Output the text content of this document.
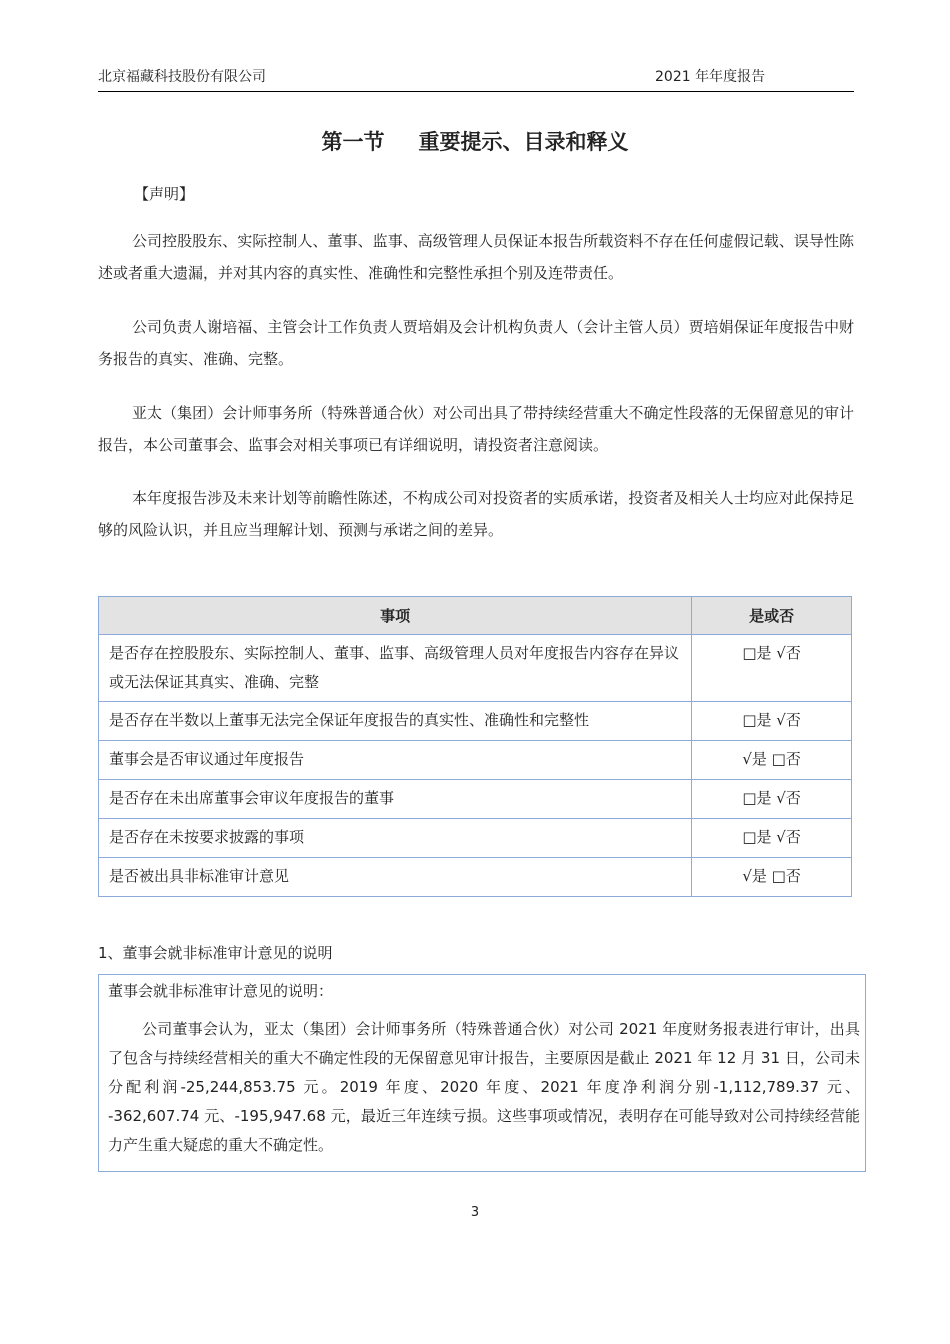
北京福藏科技股份有限公司	2021 年年度报告
第一节 重要提示、目录和释义
【声明】
公司控股股东、实际控制人、董事、监事、高级管理人员保证本报告所载资料不存在任何虚假记载、误导性陈述或者重大遗漏，并对其内容的真实性、准确性和完整性承担个别及连带责任。
公司负责人谢培福、主管会计工作负责人贾培娟及会计机构负责人（会计主管人员）贾培娟保证年度报告中财务报告的真实、准确、完整。
亚太（集团）会计师事务所（特殊普通合伙）对公司出具了带持续经营重大不确定性段落的无保留意见的审计报告，本公司董事会、监事会对相关事项已有详细说明，请投资者注意阅读。
本年度报告涉及未来计划等前瞻性陈述，不构成公司对投资者的实质承诺，投资者及相关人士均应对此保持足够的风险认识，并且应当理解计划、预测与承诺之间的差异。
事项	是或否
是否存在控股股东、实际控制人、董事、监事、高级管理人员对年度报告内容存在异议或无法保证其真实、准确、完整	□是 √否
是否存在半数以上董事无法完全保证年度报告的真实性、准确性和完整性	□是 √否
董事会是否审议通过年度报告	√是 □否
是否存在未出席董事会审议年度报告的董事	□是 √否
是否存在未按要求披露的事项	□是 √否
是否被出具非标准审计意见	√是 □否
1、董事会就非标准审计意见的说明
董事会就非标准审计意见的说明：
公司董事会认为，亚太（集团）会计师事务所（特殊普通合伙）对公司 2021 年度财务报表进行审计，出具了包含与持续经营相关的重大不确定性段的无保留意见审计报告，主要原因是截止 2021 年 12 月 31 日，公司未分配利润-25,244,853.75 元。2019 年度、2020 年度、2021 年度净利润分别-1,112,789.37 元、 -362,607.74 元、-195,947.68 元，最近三年连续亏损。这些事项或情况，表明存在可能导致对公司持续经营能力产生重大疑虑的重大不确定性。
3
